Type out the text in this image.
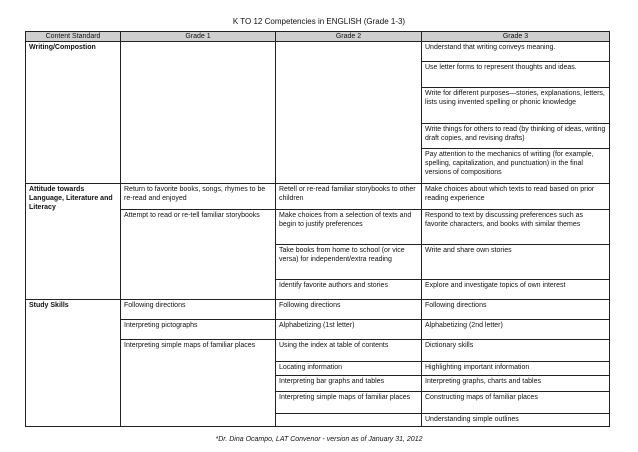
K TO 12 Competencies in ENGLISH (Grade 1-3)
Content Standard	Grade 1	Grade 2	Grade 3
Writing/Compostion			Understand that writing conveys meaning.
			Use letter forms to represent thoughts and ideas.
			Write for different purposes—stories, explanations, letters, lists using invented spelling or phonic knowledge
			Write things for others to read (by thinking of ideas, writing draft copies, and revising drafts)
			Pay attention to the mechanics of writing (for example, spelling, capitalization, and punctuation) in the final versions of compositions
Attitude towards Language, Literature and Literacy	Return to favorite books, songs, rhymes to be re-read and enjoyed	Retell or re-read familiar storybooks to other children	Make choices about which texts to read based on prior reading experience
	Attempt to read or re-tell familiar storybooks	Make choices from a selection of texts and begin to justify preferences	Respond to text by discussing preferences such as favorite characters, and books with similar themes
		Take books from home to school (or vice versa) for independent/extra reading	Write and share own stories
		Identify favorite authors and stories	Explore and investigate topics of own interest
Study Skills	Following directions	Following directions	Following directions
	Interpreting pictographs	Alphabetizing (1st letter)	Alphabetizing (2nd letter)
	Interpreting simple maps of familiar places	Using the index at table of contents	Dictionary skills
		Locating information	Highlighting important information
		Interpreting bar graphs and tables	Interpreting graphs, charts and tables
		Interpreting simple maps of familiar places	Constructing maps of familiar places
			Understanding simple outlines
*Dr. Dina Ocampo, LAT Convenor - version as of January 31, 2012
